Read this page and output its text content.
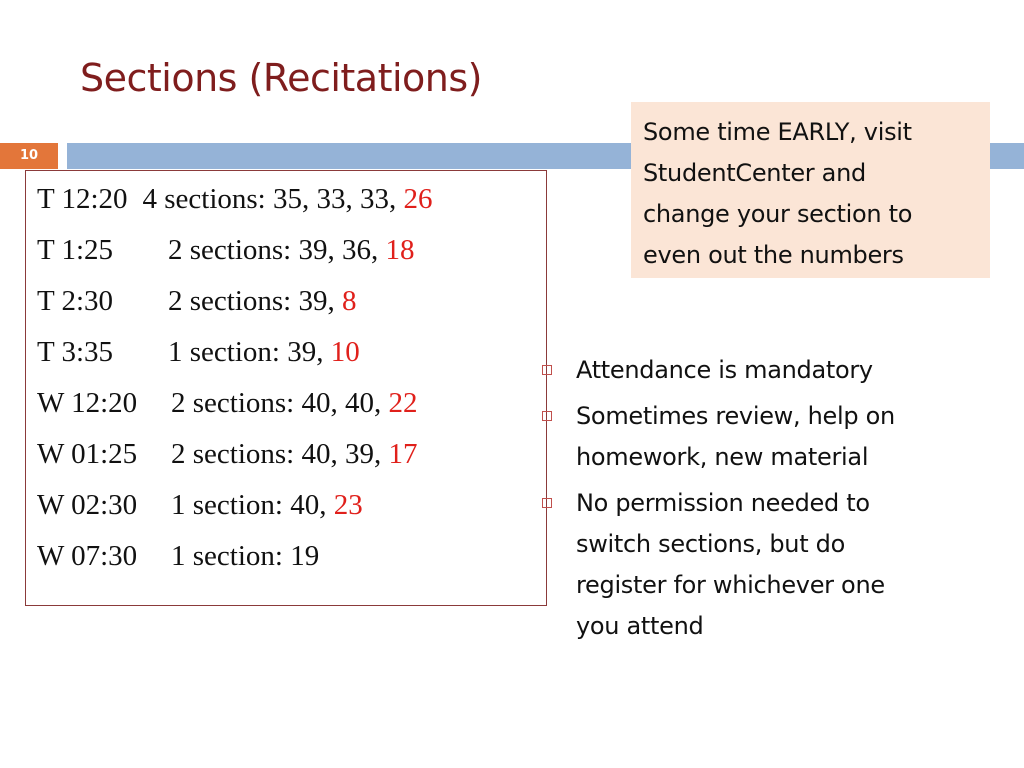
Sections (Recitations)
10
Some time EARLY, visit
StudentCenter and
change your section to
even out the numbers
T 12:20 4 sections: 35, 33, 33, 26
T 1:25 2 sections: 39, 36, 18
T 2:30 2 sections: 39, 8
T 3:35 1 section: 39, 10
W 12:20 2 sections: 40, 40, 22
W 01:25 2 sections: 40, 39, 17
W 02:30 1 section: 40, 23
W 07:30 1 section: 19
Attendance is mandatory
Sometimes review, help on
homework, new material
No permission needed to
switch sections, but do
register for whichever one
you attend
